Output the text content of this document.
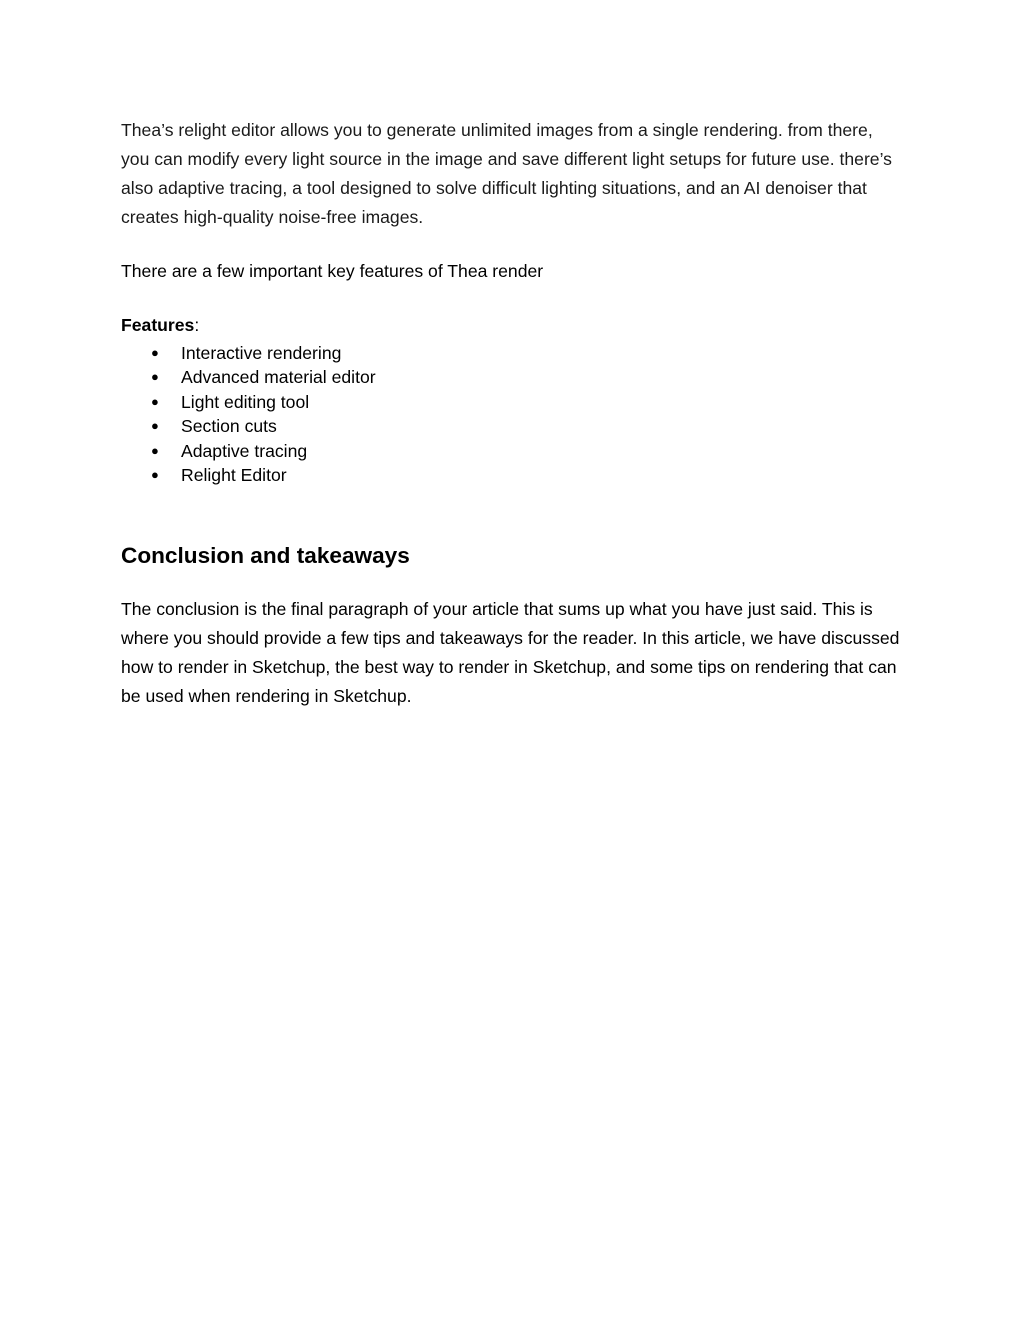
Thea’s relight editor allows you to generate unlimited images from a single rendering. from there, you can modify every light source in the image and save different light setups for future use. there’s also adaptive tracing, a tool designed to solve difficult lighting situations, and an AI denoiser that creates high-quality noise-free images.

There are a few important key features of Thea render

Features:

● Interactive rendering
● Advanced material editor
● Light editing tool
● Section cuts
● Adaptive tracing
● Relight Editor
Conclusion and takeaways

The conclusion is the final paragraph of your article that sums up what you have just said. This is where you should provide a few tips and takeaways for the reader. In this article, we have discussed how to render in Sketchup, the best way to render in Sketchup, and some tips on rendering that can be used when rendering in Sketchup.
